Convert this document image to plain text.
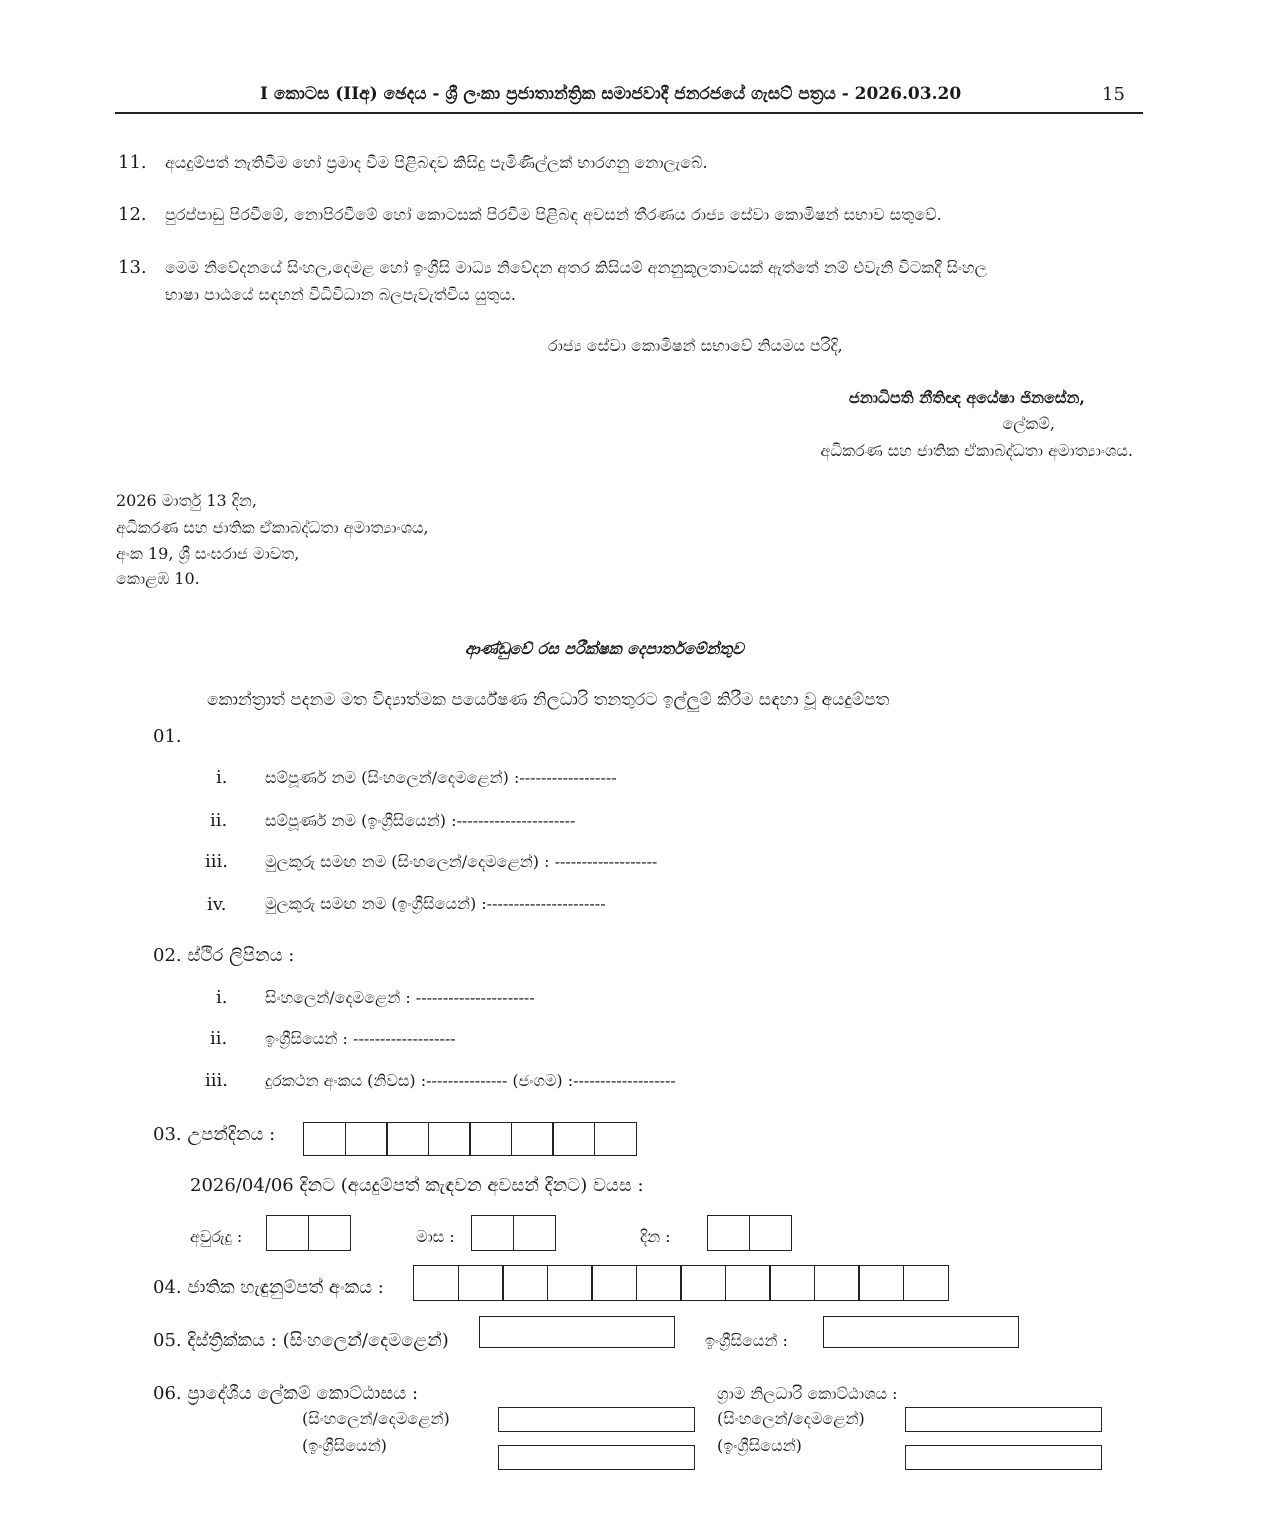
I කොටස (IIඅ) ඡෙදය - ශ්‍රී ලංකා ප්‍රජාතාන්ත්‍රික සමාජවාදී ජනරජයේ ගැසට් පත්‍රය - 2026.03.20	15
11. අයදුම්පත් නැතිවීම හෝ ප්‍රමාද වීම පිළිබඳව කිසිදු පැමිණිල්ලක් භාරගනු නොලැබේ.
12. පුරප්පාඩු පිරවීමේ, නොපිරවීමේ හෝ කොටසක් පිරවීම පිළිබඳ අවසන් තීරණය රාජ්‍ය සේවා කොමිෂන් සභාව සතුවේ.
13. මෙම නිවේදනයේ සිංහල,දෙමළ හෝ ඉංග්‍රීසි මාධ්‍ය නිවේදන අතර කිසියම් අනනුකූලතාවයක් ඇත්තේ නම් එවැනි විටකදී සිංහල
භාෂා පාඨයේ සඳහන් විධිවිධාන බලපැවැත්විය යුතුය.
රාජ්‍ය සේවා කොමිෂන් සභාවේ නියමය පරිදි,
ජනාධිපති නීතිඥ අයේෂා ජිනසේන,
ලේකම්,
අධිකරණ සහ ජාතික ඒකාබද්ධතා අමාත්‍යාංශය.
2026 මාර්තු 13 දින,
අධිකරණ සහ ජාතික ඒකාබද්ධතා අමාත්‍යාංශය,
අංක 19, ශ්‍රී සංඝරාජ මාවත,
කොළඹ 10.
ආණ්ඩුවේ රස පරීක්ෂක දෙපාර්තමේන්තුව
කොන්ත්‍රාත් පදනම මත විද්‍යාත්මක පර්යේෂණ නිලධාරි තනතුරට ඉල්ලුම් කිරීම සඳහා වූ අයදුම්පත
01.
i. සම්පූර්ණ නම (සිංහලෙන්/දෙමළෙන්) :------------------
ii. සම්පූර්ණ නම (ඉංග්‍රීසියෙන්) :----------------------
iii. මුලකුරු සමඟ නම (සිංහලෙන්/දෙමළෙන්) : -------------------
iv. මුලකුරු සමඟ නම (ඉංග්‍රීසියෙන්) :----------------------
02. ස්ථිර ලිපිනය :
i. සිංහලෙන්/දෙමළෙන් : ----------------------
ii. ඉංග්‍රීසියෙන් : -------------------
iii. දුරකථන අංකය (නිවස) :--------------- (ජංගම) :-------------------
03. උපන්දිනය :
2026/04/06 දිනට (අයදුම්පත් කැඳවන අවසන් දිනට) වයස :
අවුරුදු :	මාස :	දින :
04. ජාතික හැඳුනුම්පත් අංකය :
05. දිස්ත්‍රික්කය : (සිංහලෙන්/දෙමළෙන්)	ඉංග්‍රීසියෙන් :
06. ප්‍රාදේශීය ලේකම් කොට්ඨාසය :
(සිංහලෙන්/දෙමළෙන්)
(ඉංග්‍රීසියෙන්)
ග්‍රාම නිලධාරි කොට්ඨාශය :
(සිංහලෙන්/දෙමළෙන්)
(ඉංග්‍රීසියෙන්)
